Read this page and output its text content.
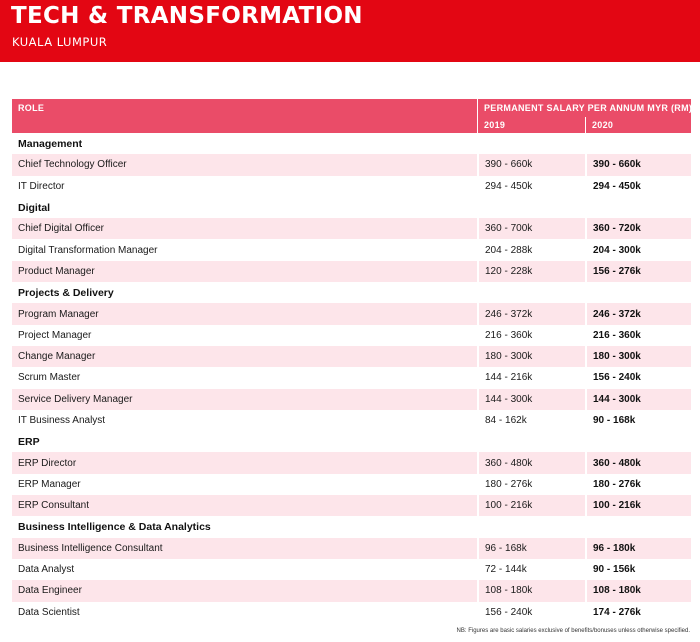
TECH & TRANSFORMATION
KUALA LUMPUR
ROLE	PERMANENT SALARY PER ANNUM MYR (RM)
2019	2020
Management
Chief Technology Officer	390 - 660k	390 - 660k
IT Director	294 - 450k	294 - 450k
Digital
Chief Digital Officer	360 - 700k	360 - 720k
Digital Transformation Manager	204 - 288k	204 - 300k
Product Manager	120 - 228k	156 - 276k
Projects & Delivery
Program Manager	246 - 372k	246 - 372k
Project Manager	216 - 360k	216 - 360k
Change Manager	180 - 300k	180 - 300k
Scrum Master	144 - 216k	156 - 240k
Service Delivery Manager	144 - 300k	144 - 300k
IT Business Analyst	84 - 162k	90 - 168k
ERP
ERP Director	360 - 480k	360 - 480k
ERP Manager	180 - 276k	180 - 276k
ERP Consultant	100 - 216k	100 - 216k
Business Intelligence & Data Analytics
Business Intelligence Consultant	96 - 168k	96 - 180k
Data Analyst	72 - 144k	90 - 156k
Data Engineer	108 - 180k	108 - 180k
Data Scientist	156 - 240k	174 - 276k
NB: Figures are basic salaries exclusive of benefits/bonuses unless otherwise specified.
